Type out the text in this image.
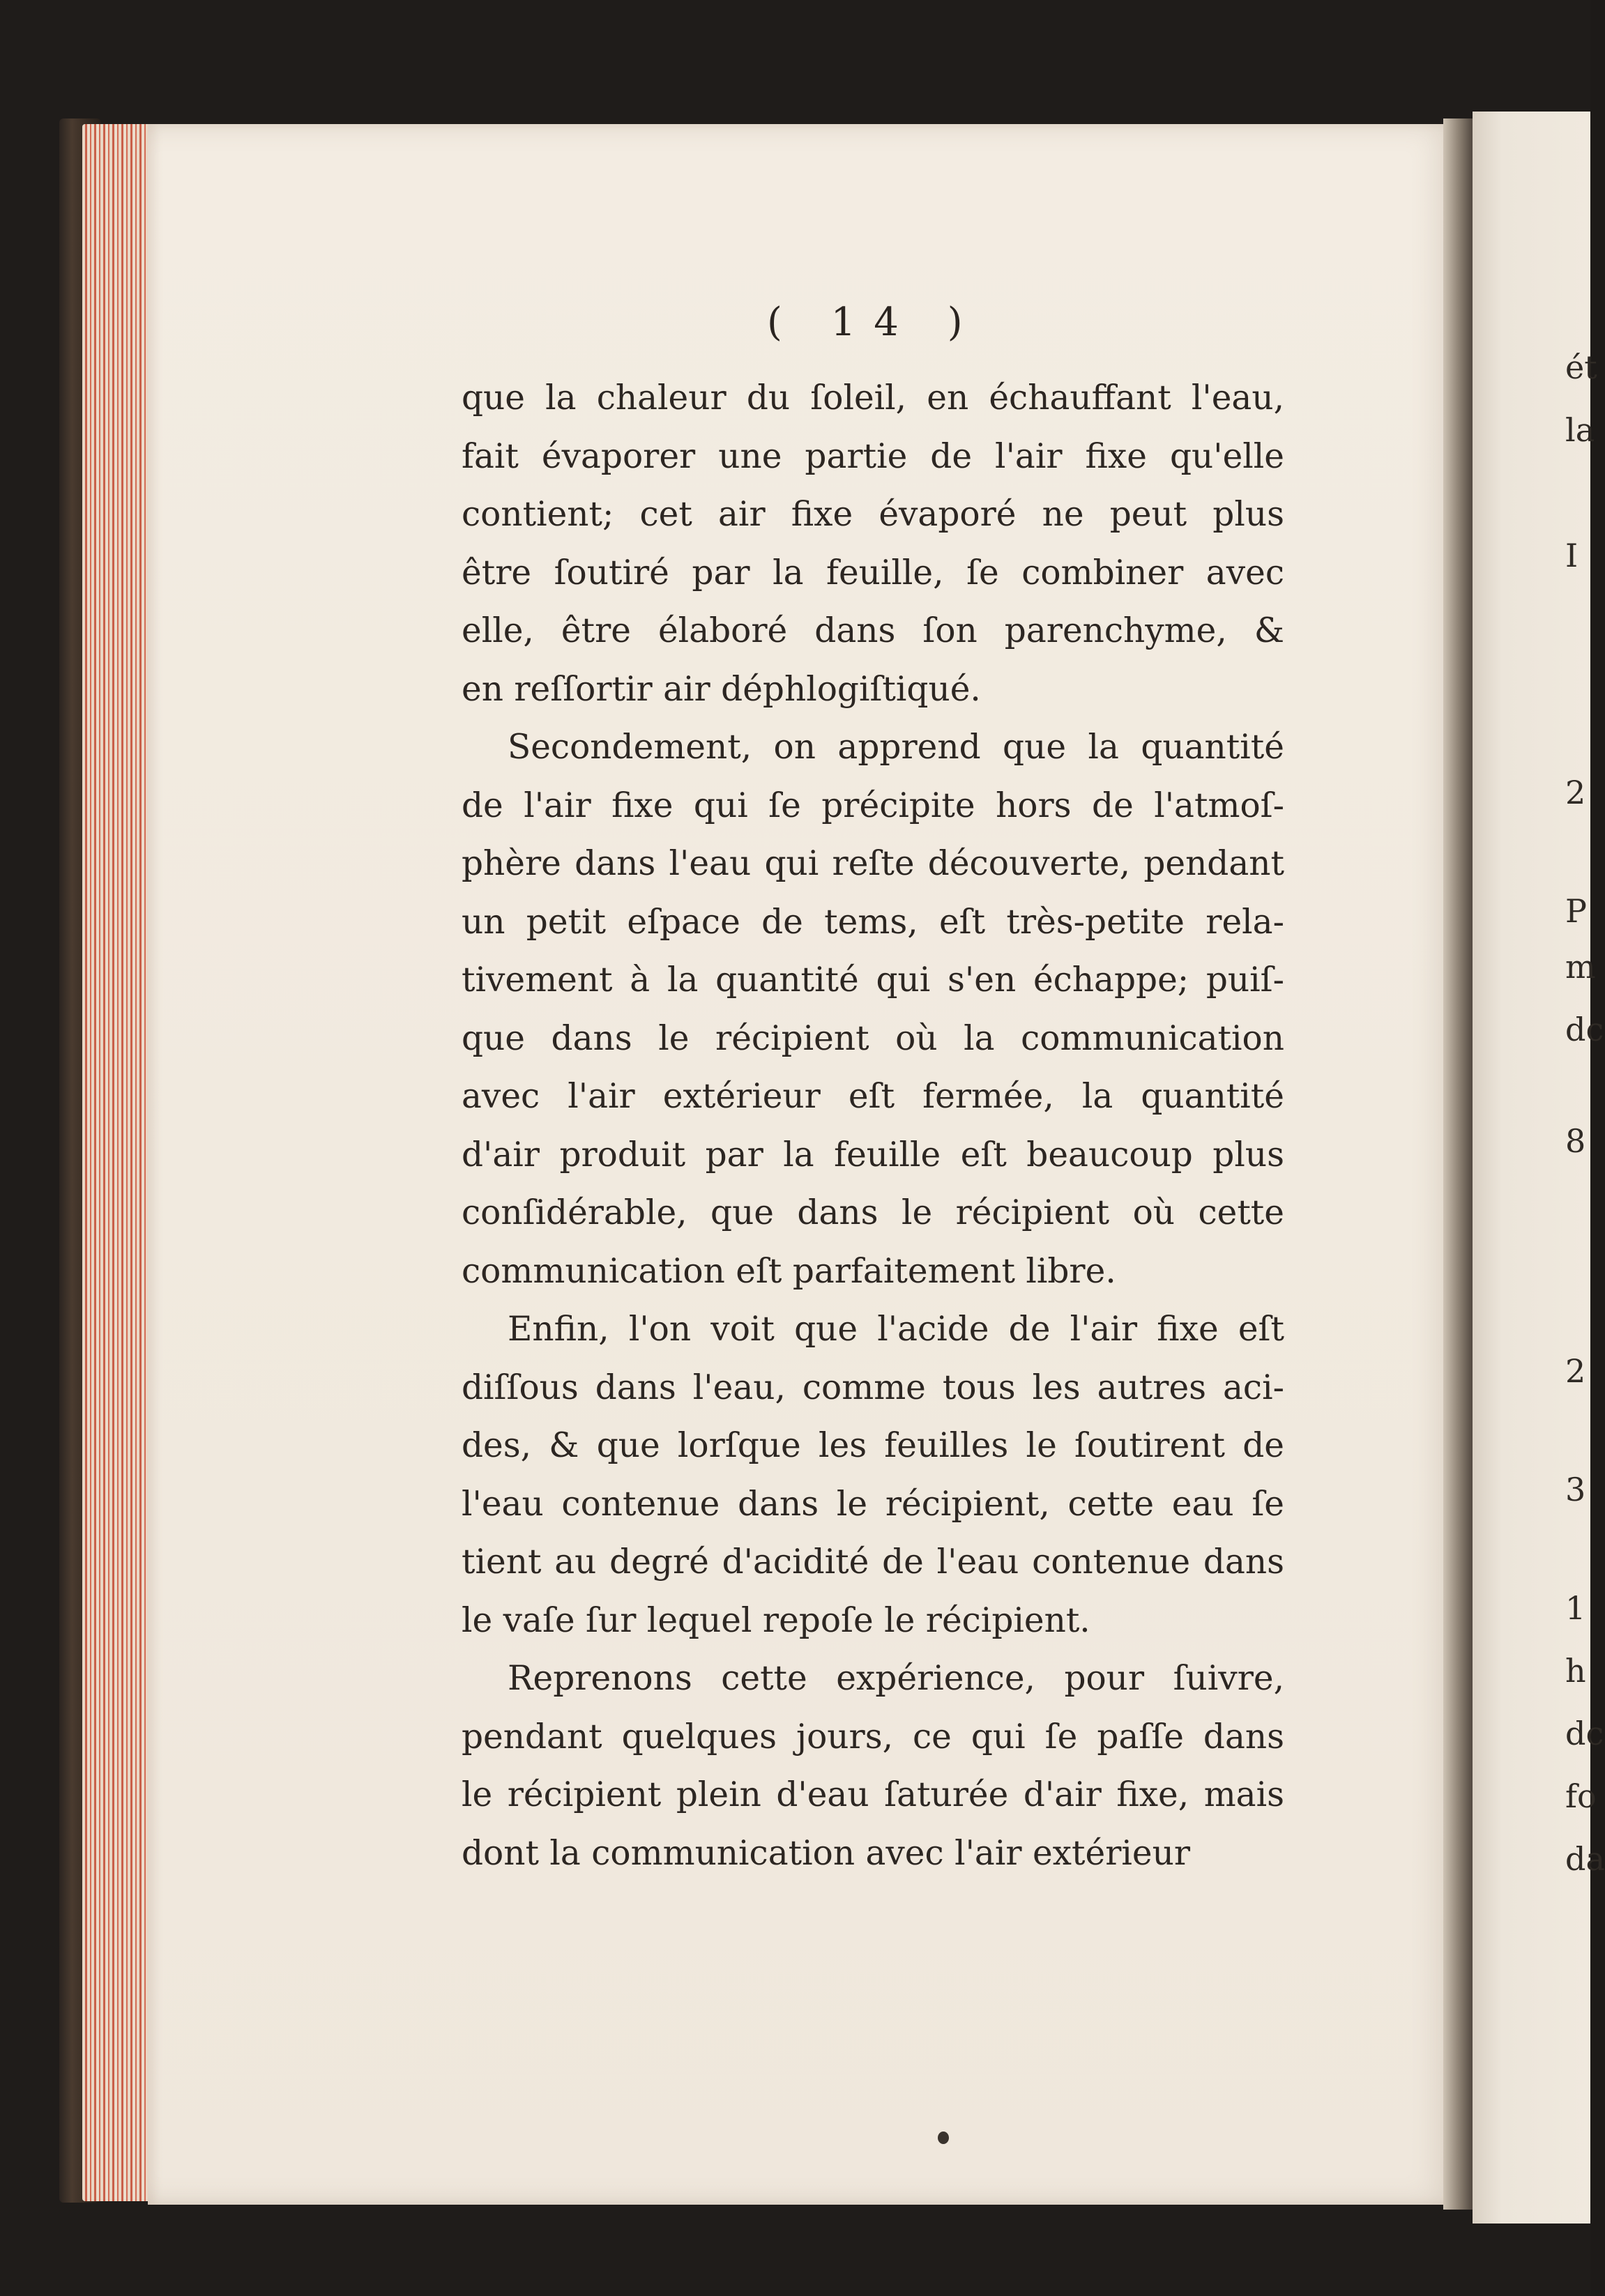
ét
la
I
2
P
m
dc
8
2
3
1
h
dc
fo
da
( 14 )
que la chaleur du ſoleil, en échauffant l'eau,
fait évaporer une partie de l'air fixe qu'elle
contient; cet air fixe évaporé ne peut plus
être ſoutiré par la feuille, ſe combiner avec
elle, être élaboré dans ſon parenchyme, &
en reſſortir air déphlogiſtiqué.
Secondement, on apprend que la quantité
de l'air fixe qui ſe précipite hors de l'atmoſ-
phère dans l'eau qui reſte découverte, pendant
un petit eſpace de tems, eſt très-petite rela-
tivement à la quantité qui s'en échappe; puiſ-
que dans le récipient où la communication
avec l'air extérieur eſt fermée, la quantité
d'air produit par la feuille eſt beaucoup plus
conſidérable, que dans le récipient où cette
communication eſt parfaitement libre.
Enfin, l'on voit que l'acide de l'air fixe eſt
diſſous dans l'eau, comme tous les autres aci-
des, & que lorſque les feuilles le ſoutirent de
l'eau contenue dans le récipient, cette eau ſe
tient au degré d'acidité de l'eau contenue dans
le vaſe ſur lequel repoſe le récipient.
Reprenons cette expérience, pour ſuivre,
pendant quelques jours, ce qui ſe paſſe dans
le récipient plein d'eau ſaturée d'air fixe, mais
dont la communication avec l'air extérieur
